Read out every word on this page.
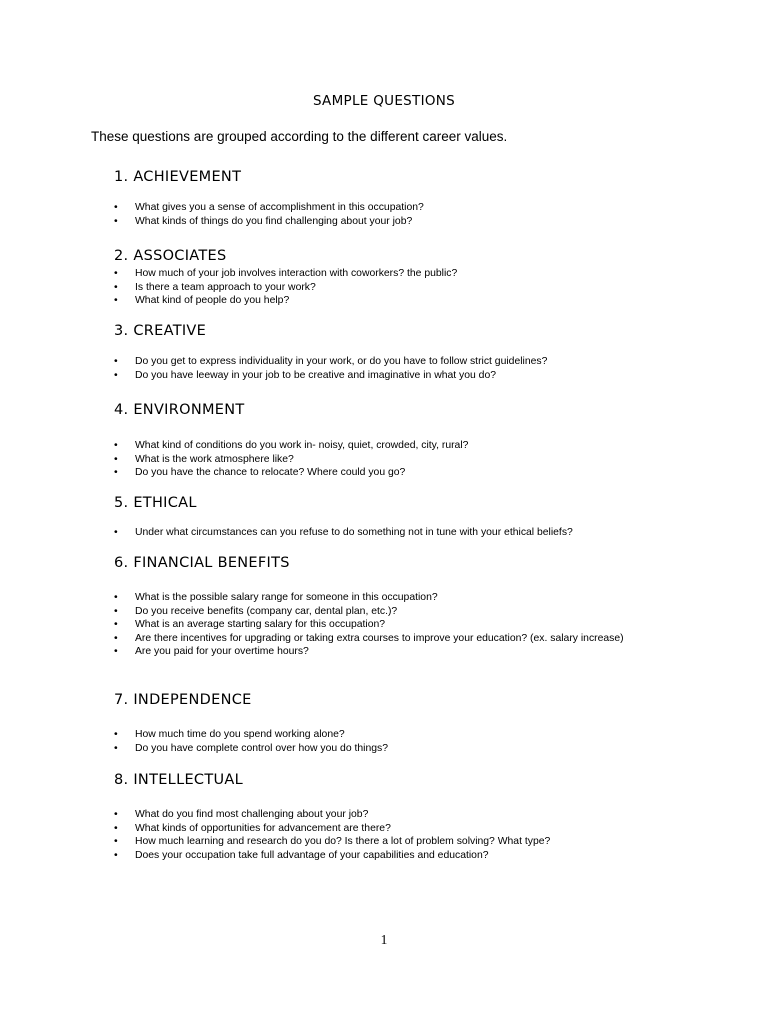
SAMPLE QUESTIONS
These questions are grouped according to the different career values.
1. ACHIEVEMENT
• What gives you a sense of accomplishment in this occupation?
• What kinds of things do you find challenging about your job?
2. ASSOCIATES
• How much of your job involves interaction with coworkers? the public?
• Is there a team approach to your work?
• What kind of people do you help?
3. CREATIVE
• Do you get to express individuality in your work, or do you have to follow strict guidelines?
• Do you have leeway in your job to be creative and imaginative in what you do?
4. ENVIRONMENT
• What kind of conditions do you work in- noisy, quiet, crowded, city, rural?
• What is the work atmosphere like?
• Do you have the chance to relocate? Where could you go?
5. ETHICAL
• Under what circumstances can you refuse to do something not in tune with your ethical beliefs?
6. FINANCIAL BENEFITS
• What is the possible salary range for someone in this occupation?
• Do you receive benefits (company car, dental plan, etc.)?
• What is an average starting salary for this occupation?
• Are there incentives for upgrading or taking extra courses to improve your education? (ex. salary increase)
• Are you paid for your overtime hours?
7. INDEPENDENCE
• How much time do you spend working alone?
• Do you have complete control over how you do things?
8. INTELLECTUAL
• What do you find most challenging about your job?
• What kinds of opportunities for advancement are there?
• How much learning and research do you do? Is there a lot of problem solving? What type?
• Does your occupation take full advantage of your capabilities and education?
1
